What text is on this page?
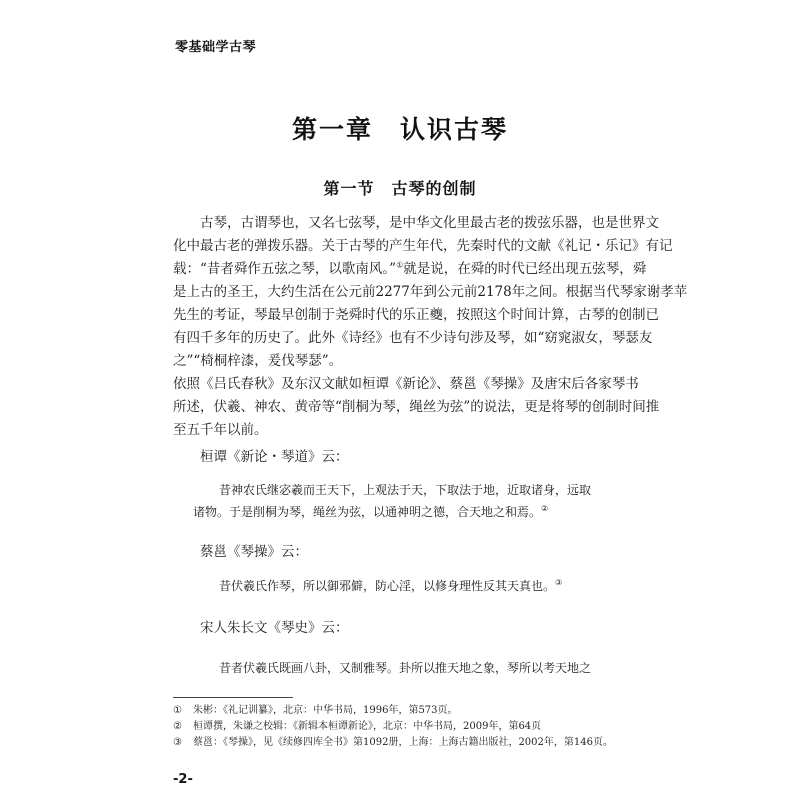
零基础学古琴
第一章　认识古琴
第一节　古琴的创制
古琴，古谓琴也，又名七弦琴，是中华文化里最古老的拨弦乐器，也是世界文
化中最古老的弹拨乐器。关于古琴的产生年代，先秦时代的文献《礼记・乐记》有记
载：“昔者舜作五弦之琴，以歌南风。”①就是说，在舜的时代已经出现五弦琴，舜
是上古的圣王，大约生活在公元前2277年到公元前2178年之间。根据当代琴家谢孝苹
先生的考证，琴最早创制于尧舜时代的乐正夔，按照这个时间计算，古琴的创制已
有四千多年的历史了。此外《诗经》也有不少诗句涉及琴，如“窈窕淑女，琴瑟友
之”“椅桐梓漆，爰伐琴瑟”。
依照《吕氏春秋》及东汉文献如桓谭《新论》、蔡邕《琴操》及唐宋后各家琴书
所述，伏羲、神农、黄帝等“削桐为琴，绳丝为弦”的说法，更是将琴的创制时间推
至五千年以前。
桓谭《新论・琴道》云：
昔神农氏继宓羲而王天下，上观法于天，下取法于地，近取诸身，远取
诸物。于是削桐为琴，绳丝为弦，以通神明之德，合天地之和焉。②
蔡邕《琴操》云：
昔伏羲氏作琴，所以御邪僻，防心淫，以修身理性反其天真也。③
宋人朱长文《琴史》云：
昔者伏羲氏既画八卦，又制雅琴。卦所以推天地之象，琴所以考天地之
① 朱彬：《礼记训纂》，北京：中华书局，1996年，第573页。
② 桓谭撰，朱谦之校辑：《新辑本桓谭新论》，北京：中华书局，2009年，第64页
③ 蔡邕：《琴操》，见《续修四库全书》第1092册，上海：上海古籍出版社，2002年，第146页。
-2-
